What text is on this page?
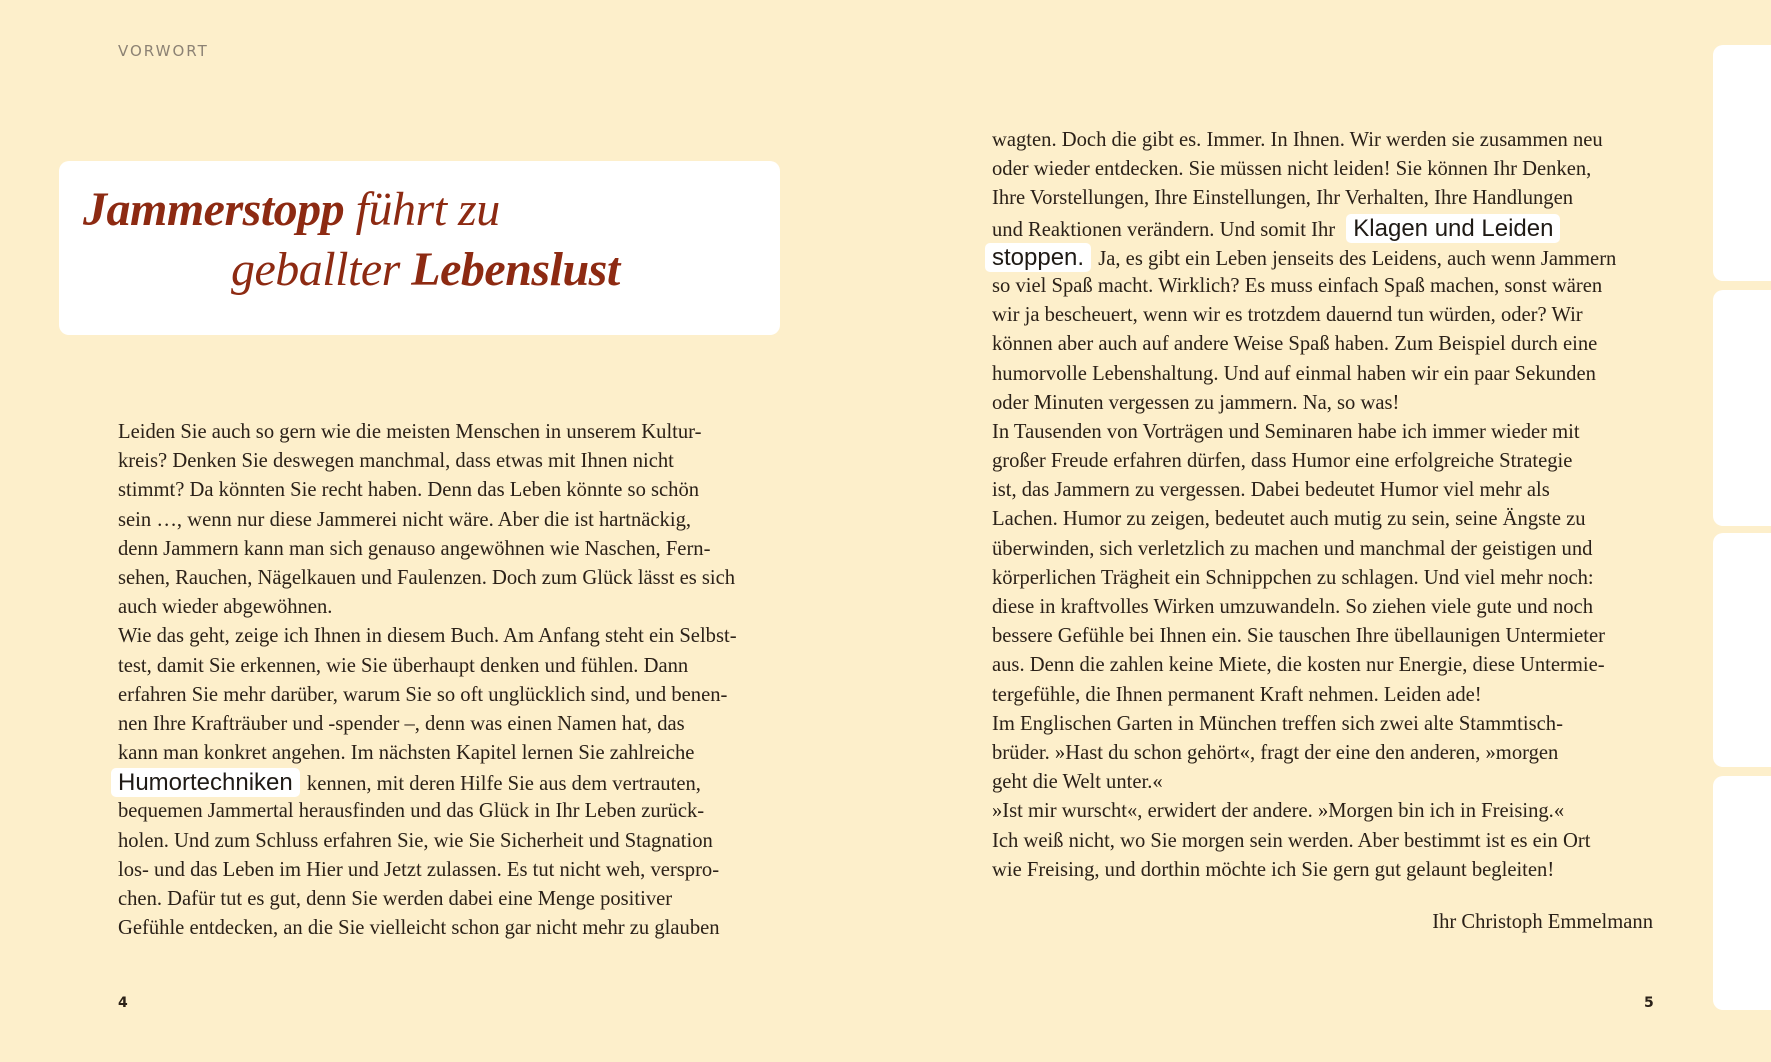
VORWORT
Jammerstopp führt zu
geballter Lebenslust
Leiden Sie auch so gern wie die meisten Menschen in unserem Kultur-
kreis? Denken Sie deswegen manchmal, dass etwas mit Ihnen nicht
stimmt? Da könnten Sie recht haben. Denn das Leben könnte so schön
sein …, wenn nur diese Jammerei nicht wäre. Aber die ist hartnäckig,
denn Jammern kann man sich genauso angewöhnen wie Naschen, Fern-
sehen, Rauchen, Nägelkauen und Faulenzen. Doch zum Glück lässt es sich
auch wieder abgewöhnen.
Wie das geht, zeige ich Ihnen in diesem Buch. Am Anfang steht ein Selbst-
test, damit Sie erkennen, wie Sie überhaupt denken und fühlen. Dann
erfahren Sie mehr darüber, warum Sie so oft unglücklich sind, und benen-
nen Ihre Krafträuber und -spender –, denn was einen Namen hat, das
kann man konkret angehen. Im nächsten Kapitel lernen Sie zahlreiche
Humortechniken kennen, mit deren Hilfe Sie aus dem vertrauten,
bequemen Jammertal herausfinden und das Glück in Ihr Leben zurück-
holen. Und zum Schluss erfahren Sie, wie Sie Sicherheit und Stagnation
los- und das Leben im Hier und Jetzt zulassen. Es tut nicht weh, verspro-
chen. Dafür tut es gut, denn Sie werden dabei eine Menge positiver
Gefühle entdecken, an die Sie vielleicht schon gar nicht mehr zu glauben
wagten. Doch die gibt es. Immer. In Ihnen. Wir werden sie zusammen neu
oder wieder entdecken. Sie müssen nicht leiden! Sie können Ihr Denken,
Ihre Vorstellungen, Ihre Einstellungen, Ihr Verhalten, Ihre Handlungen
und Reaktionen verändern. Und somit Ihr Klagen und Leiden
stoppen. Ja, es gibt ein Leben jenseits des Leidens, auch wenn Jammern
so viel Spaß macht. Wirklich? Es muss einfach Spaß machen, sonst wären
wir ja bescheuert, wenn wir es trotzdem dauernd tun würden, oder? Wir
können aber auch auf andere Weise Spaß haben. Zum Beispiel durch eine
humorvolle Lebenshaltung. Und auf einmal haben wir ein paar Sekunden
oder Minuten vergessen zu jammern. Na, so was!
In Tausenden von Vorträgen und Seminaren habe ich immer wieder mit
großer Freude erfahren dürfen, dass Humor eine erfolgreiche Strategie
ist, das Jammern zu vergessen. Dabei bedeutet Humor viel mehr als
Lachen. Humor zu zeigen, bedeutet auch mutig zu sein, seine Ängste zu
überwinden, sich verletzlich zu machen und manchmal der geistigen und
körperlichen Trägheit ein Schnippchen zu schlagen. Und viel mehr noch:
diese in kraftvolles Wirken umzuwandeln. So ziehen viele gute und noch
bessere Gefühle bei Ihnen ein. Sie tauschen Ihre übellaunigen Untermieter
aus. Denn die zahlen keine Miete, die kosten nur Energie, diese Untermie-
tergefühle, die Ihnen permanent Kraft nehmen. Leiden ade!
Im Englischen Garten in München treffen sich zwei alte Stammtisch-
brüder. »Hast du schon gehört«, fragt der eine den anderen, »morgen
geht die Welt unter.«
»Ist mir wurscht«, erwidert der andere. »Morgen bin ich in Freising.«
Ich weiß nicht, wo Sie morgen sein werden. Aber bestimmt ist es ein Ort
wie Freising, und dorthin möchte ich Sie gern gut gelaunt begleiten!
Ihr Christoph Emmelmann
4	5
